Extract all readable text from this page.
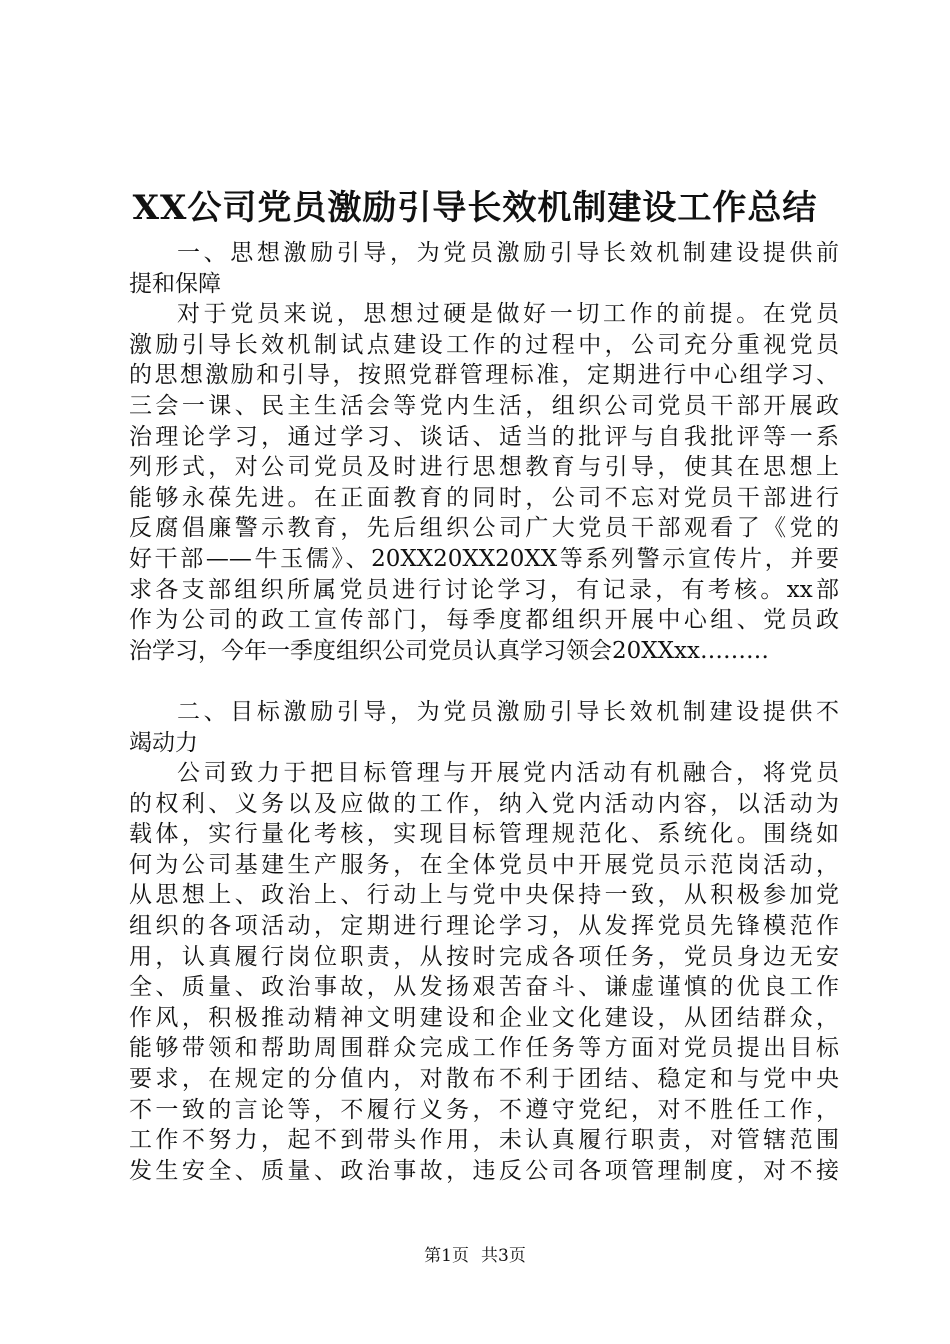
XX公司党员激励引导长效机制建设工作总结
一、思想激励引导，为党员激励引导长效机制建设提供前
提和保障
对于党员来说，思想过硬是做好一切工作的前提。在党员
激励引导长效机制试点建设工作的过程中，公司充分重视党员
的思想激励和引导，按照党群管理标准，定期进行中心组学习、
三会一课、民主生活会等党内生活，组织公司党员干部开展政
治理论学习，通过学习、谈话、适当的批评与自我批评等一系
列形式，对公司党员及时进行思想教育与引导，使其在思想上
能够永葆先进。在正面教育的同时，公司不忘对党员干部进行
反腐倡廉警示教育，先后组织公司广大党员干部观看了《党的
好干部——牛玉儒》、20XX20XX20XX等系列警示宣传片，并要
求各支部组织所属党员进行讨论学习，有记录，有考核。xx部
作为公司的政工宣传部门，每季度都组织开展中心组、党员政
治学习，今年一季度组织公司党员认真学习领会20XXxx………
二、目标激励引导，为党员激励引导长效机制建设提供不
竭动力
公司致力于把目标管理与开展党内活动有机融合，将党员
的权利、义务以及应做的工作，纳入党内活动内容，以活动为
载体，实行量化考核，实现目标管理规范化、系统化。围绕如
何为公司基建生产服务，在全体党员中开展党员示范岗活动，
从思想上、政治上、行动上与党中央保持一致，从积极参加党
组织的各项活动，定期进行理论学习，从发挥党员先锋模范作
用，认真履行岗位职责，从按时完成各项任务，党员身边无安
全、质量、政治事故，从发扬艰苦奋斗、谦虚谨慎的优良工作
作风，积极推动精神文明建设和企业文化建设，从团结群众，
能够带领和帮助周围群众完成工作任务等方面对党员提出目标
要求，在规定的分值内，对散布不利于团结、稳定和与党中央
不一致的言论等，不履行义务，不遵守党纪，对不胜任工作，
工作不努力，起不到带头作用，未认真履行职责，对管辖范围
发生安全、质量、政治事故，违反公司各项管理制度，对不接
第1页 共3页
